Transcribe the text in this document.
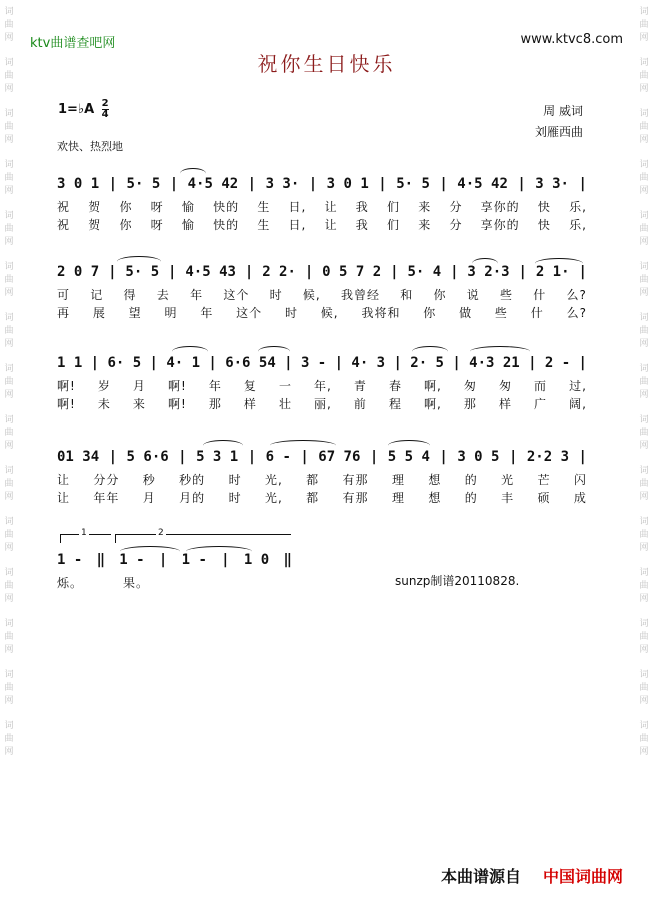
词
曲
网
词
曲
网
词
曲
网
词
曲
网
词
曲
网
词
曲
网
词
曲
网
词
曲
网
词
曲
网
词
曲
网
词
曲
网
词
曲
网
词
曲
网
词
曲
网
词
曲
网
词
曲
网
词
曲
网
词
曲
网
词
曲
网
词
曲
网
词
曲
网
词
曲
网
词
曲
网
词
曲
网
词
曲
网
词
曲
网
词
曲
网
词
曲
网
词
曲
网
词
曲
网
ktv曲谱查吧网	www.ktvc8.com
祝你生日快乐
1=♭A $\frac{2}{4}$	周 威词
刘雁西曲
欢快、热烈地
3 0 1 | 5· 5 | 4·5 42 | 3 3· | 3 0 1 | 5· 5 | 4·5 42 | 3 3· |
祝 贺 你 呀 愉 快的 生 日, 让 我 们 来 分 享你的 快 乐,
祝 贺 你 呀 愉 快的 生 日, 让 我 们 来 分 享你的 快 乐,
2 0 7 | 5· 5 | 4·5 43 | 2 2· | 0 5 7 2 | 5· 4 | 3 2·3 | 2 1· |
可 记 得 去 年 这个 时 候, 我曾经 和 你 说 些 什 么?
再 展 望 明 年 这个 时 候, 我将和 你 做 些 什 么?
1 1 | 6· 5 | 4· 1 | 6·6 54 | 3 - | 4· 3 | 2· 5 | 4·3 21 | 2 - |
啊! 岁 月 啊! 年 复 一 年, 青 春 啊, 匆 匆 而 过,
啊! 未 来 啊! 那 样 壮 丽, 前 程 啊, 那 样 广 阔,
01 34 | 5 6·6 | 5 3 1 | 6 - | 67 76 | 5 5 4 | 3 0 5 | 2·2 3 |
让 分分 秒 秒的 时 光, 都 有那 理 想 的 光 芒 闪
让 年年 月 月的 时 光, 都 有那 理 想 的 丰 硕 成
1 - ‖ 1 - | 1 - | 1 0 ‖
烁。	果。
1	2
sunzp制谱20110828.
本曲谱源自 中国词曲网
